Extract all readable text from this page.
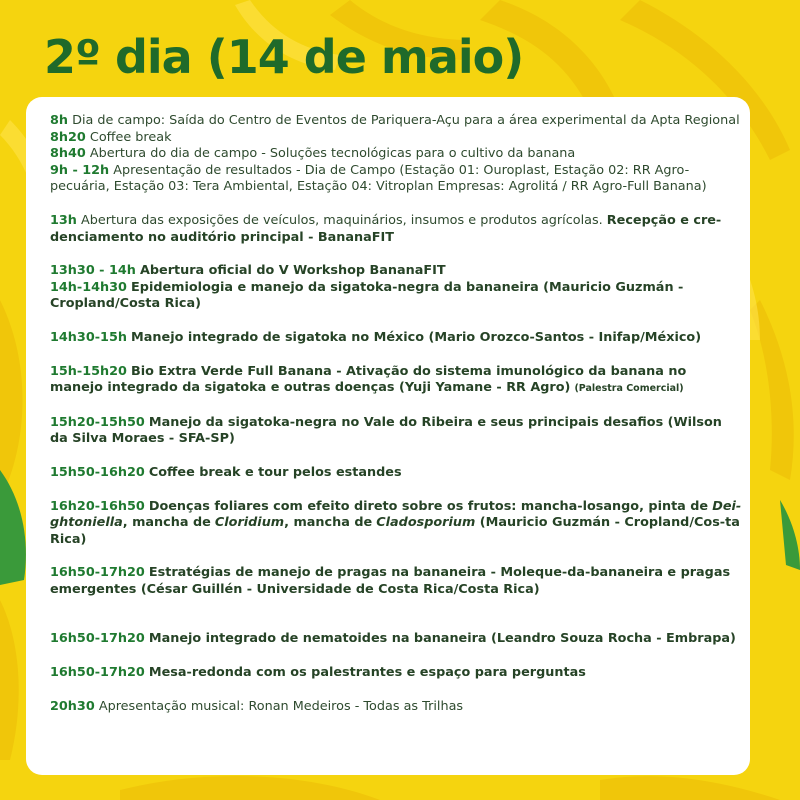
2º dia (14 de maio)

8h Dia de campo: Saída do Centro de Eventos de Pariquera-Açu para a área experimental da Apta Regional

8h20 Coffee break

8h40 Abertura do dia de campo - Soluções tecnológicas para o cultivo da banana

9h - 12h Apresentação de resultados - Dia de Campo (Estação 01: Ouroplast, Estação 02: RR Agro-pecuária, Estação 03: Tera Ambiental, Estação 04: Vitroplan Empresas: Agrolitá / RR Agro-Full Banana)

13h Abertura das exposições de veículos, maquinários, insumos e produtos agrícolas. Recepção e cre-denciamento no auditório principal - BananaFIT

13h30 - 14h Abertura oficial do V Workshop BananaFIT

14h-14h30 Epidemiologia e manejo da sigatoka-negra da bananeira (Mauricio Guzmán - Cropland/Costa Rica)

14h30-15h Manejo integrado de sigatoka no México (Mario Orozco-Santos - Inifap/México)

15h-15h20 Bio Extra Verde Full Banana - Ativação do sistema imunológico da banana no manejo integrado da sigatoka e outras doenças (Yuji Yamane - RR Agro) (Palestra Comercial)

15h20-15h50 Manejo da sigatoka-negra no Vale do Ribeira e seus principais desafios (Wilson da Silva Moraes - SFA-SP)

15h50-16h20 Coffee break e tour pelos estandes

16h20-16h50 Doenças foliares com efeito direto sobre os frutos: mancha-losango, pinta de Dei-ghtoniella, mancha de Cloridium, mancha de Cladosporium (Mauricio Guzmán - Cropland/Cos-ta Rica)

16h50-17h20 Estratégias de manejo de pragas na bananeira - Moleque-da-bananeira e pragas emergentes (César Guillén - Universidade de Costa Rica/Costa Rica)

16h50-17h20 Manejo integrado de nematoides na bananeira (Leandro Souza Rocha - Embrapa)

16h50-17h20 Mesa-redonda com os palestrantes e espaço para perguntas

20h30 Apresentação musical: Ronan Medeiros - Todas as Trilhas
